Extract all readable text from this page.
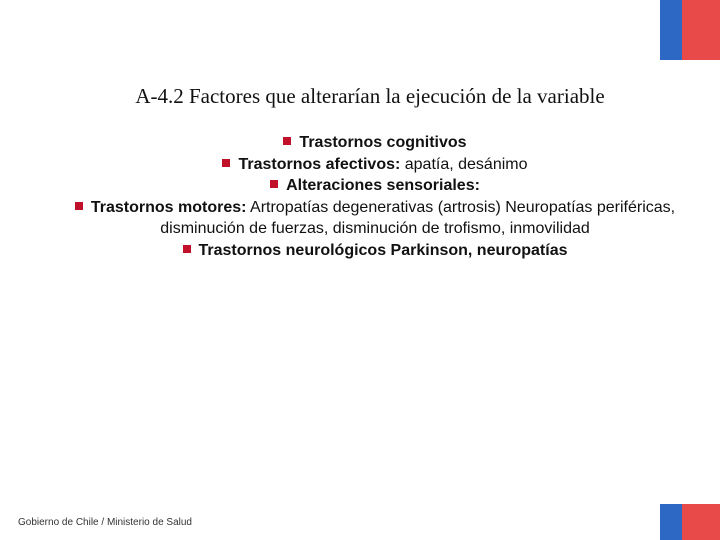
A-4.2 Factores que alterarían la ejecución de la variable
Trastornos cognitivos
Trastornos afectivos: apatía, desánimo
Alteraciones sensoriales:
Trastornos motores: Artropatías degenerativas (artrosis) Neuropatías periféricas, disminución de fuerzas, disminución de trofismo, inmovilidad
Trastornos neurológicos Parkinson, neuropatías
Gobierno de Chile / Ministerio de Salud
